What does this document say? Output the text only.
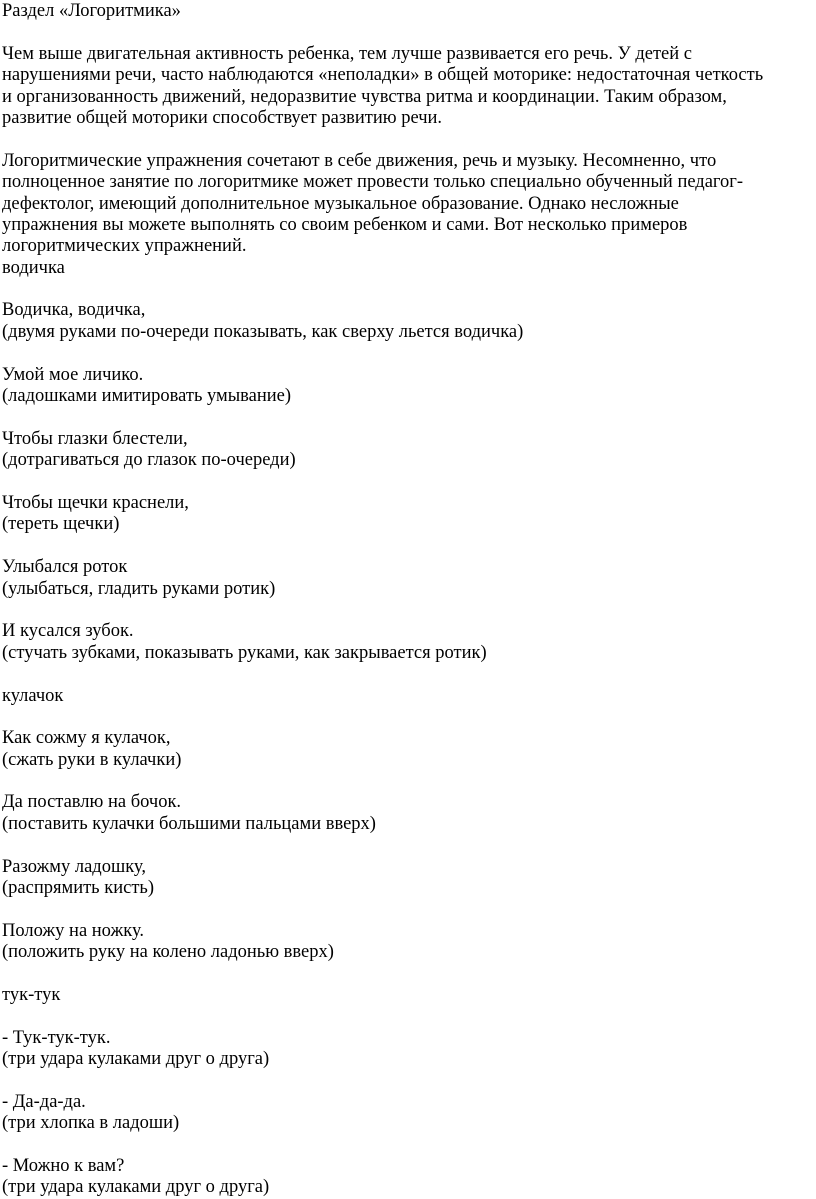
Раздел «Логоритмика»
Чем выше двигательная активность ребенка, тем лучше развивается его речь. У детей с
нарушениями речи, часто наблюдаются «неполадки» в общей моторике: недостаточная четкость
и организованность движений, недоразвитие чувства ритма и координации. Таким образом,
развитие общей моторики способствует развитию речи.
Логоритмические упражнения сочетают в себе движения, речь и музыку. Несомненно, что
полноценное занятие по логоритмике может провести только специально обученный педагог-
дефектолог, имеющий дополнительное музыкальное образование. Однако несложные
упражнения вы можете выполнять со своим ребенком и сами. Вот несколько примеров
логоритмических упражнений.
водичка
Водичка, водичка,
(двумя руками по-очереди показывать, как сверху льется водичка)
Умой мое личико.
(ладошками имитировать умывание)
Чтобы глазки блестели,
(дотрагиваться до глазок по-очереди)
Чтобы щечки краснели,
(тереть щечки)
Улыбался роток
(улыбаться, гладить руками ротик)
И кусался зубок.
(стучать зубками, показывать руками, как закрывается ротик)
кулачок
Как сожму я кулачок,
(сжать руки в кулачки)
Да поставлю на бочок.
(поставить кулачки большими пальцами вверх)
Разожму ладошку,
(распрямить кисть)
Положу на ножку.
(положить руку на колено ладонью вверх)
тук-тук
- Тук-тук-тук.
(три удара кулаками друг о друга)
- Да-да-да.
(три хлопка в ладоши)
- Можно к вам?
(три удара кулаками друг о друга)
